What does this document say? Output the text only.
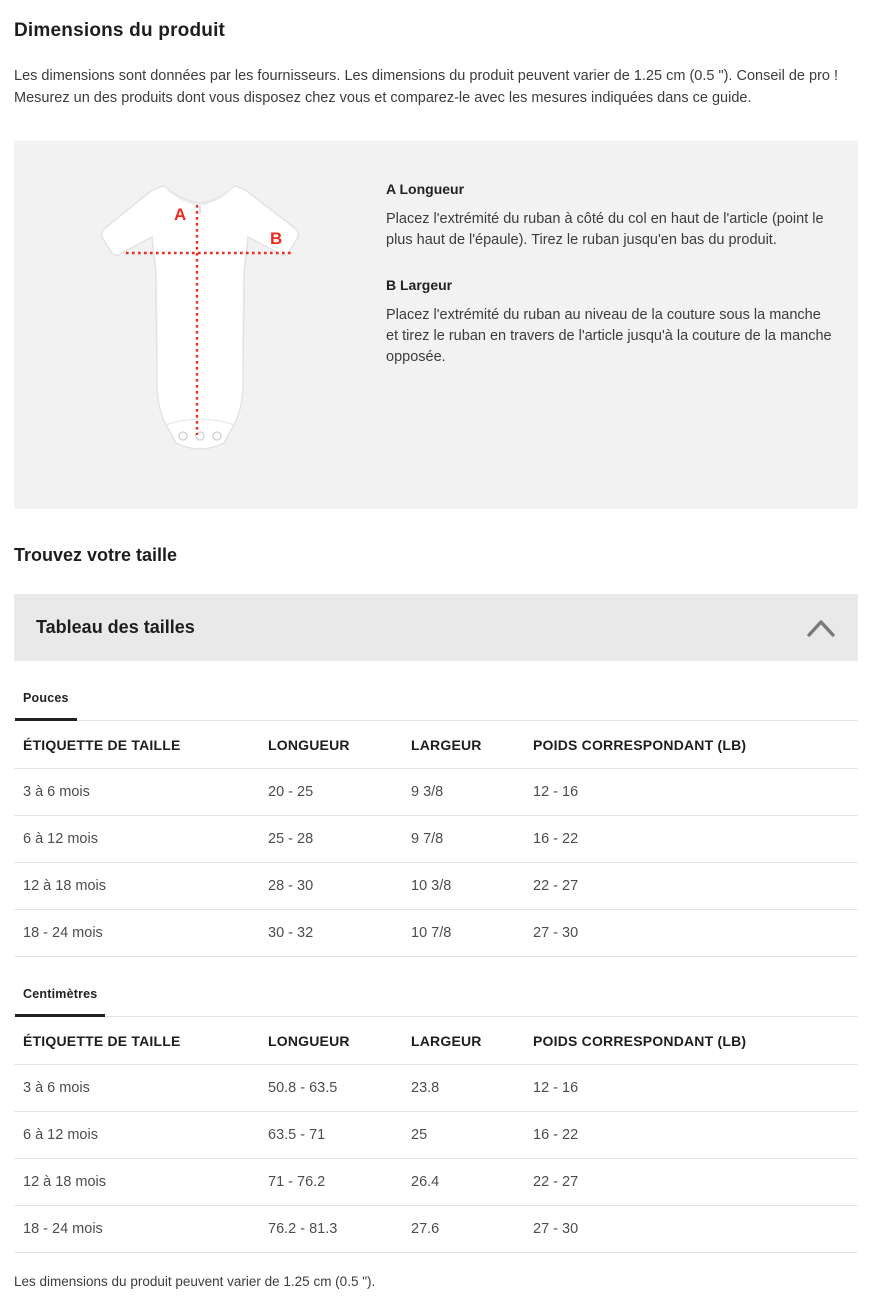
Dimensions du produit

Les dimensions sont données par les fournisseurs. Les dimensions du produit peuvent varier de 1.25 cm (0.5 "). Conseil de pro ! Mesurez un des produits dont vous disposez chez vous et comparez-le avec les mesures indiquées dans ce guide.

A
B
A Longueur

Placez l'extrémité du ruban à côté du col en haut de l'article (point le plus haut de l'épaule). Tirez le ruban jusqu'en bas du produit.

B Largeur

Placez l'extrémité du ruban au niveau de la couture sous la manche et tirez le ruban en travers de l'article jusqu'à la couture de la manche opposée.

Trouvez votre taille
Tableau des tailles
Pouces
ÉTIQUETTE DE TAILLE	LONGUEUR	LARGEUR	POIDS CORRESPONDANT (LB)
3 à 6 mois	20 - 25	9 3/8	12 - 16
6 à 12 mois	25 - 28	9 7/8	16 - 22
12 à 18 mois	28 - 30	10 3/8	22 - 27
18 - 24 mois	30 - 32	10 7/8	27 - 30
Centimètres
ÉTIQUETTE DE TAILLE	LONGUEUR	LARGEUR	POIDS CORRESPONDANT (LB)
3 à 6 mois	50.8 - 63.5	23.8	12 - 16
6 à 12 mois	63.5 - 71	25	16 - 22
12 à 18 mois	71 - 76.2	26.4	22 - 27
18 - 24 mois	76.2 - 81.3	27.6	27 - 30

Les dimensions du produit peuvent varier de 1.25 cm (0.5 ").
